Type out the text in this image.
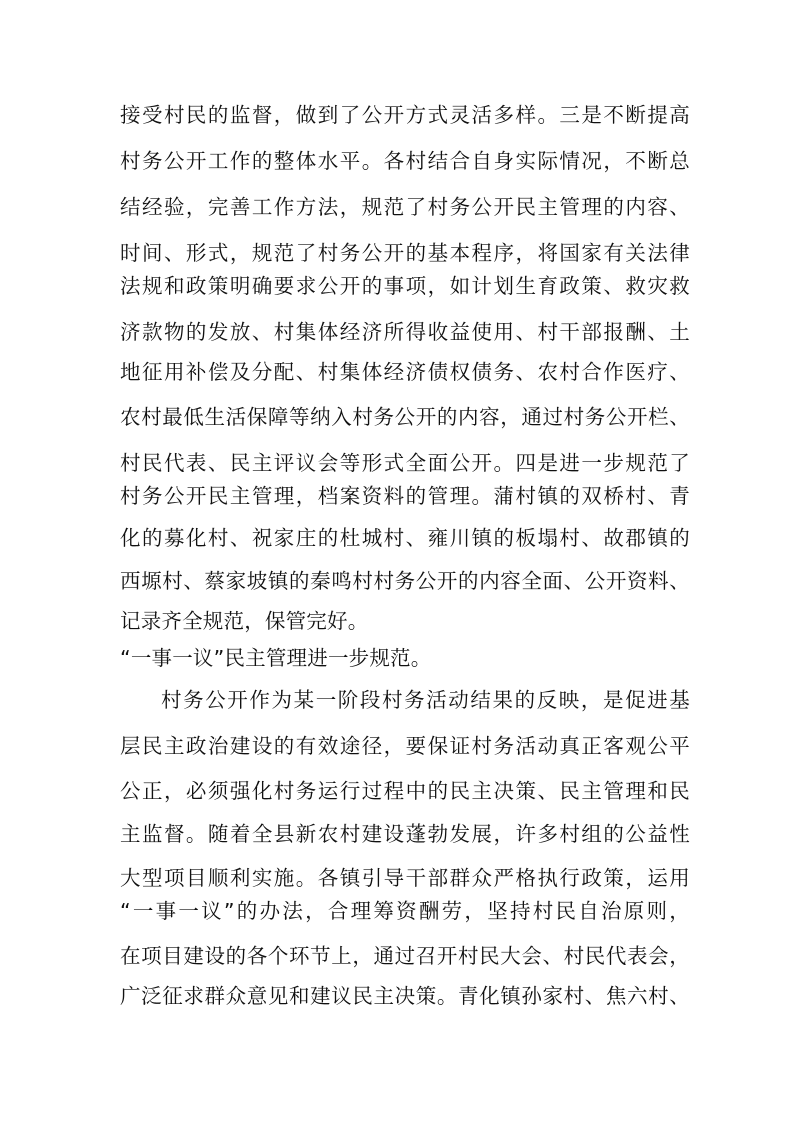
接受村民的监督，做到了公开方式灵活多样。三是不断提高
村务公开工作的整体水平。各村结合自身实际情况，不断总
结经验，完善工作方法，规范了村务公开民主管理的内容、
时间、形式，规范了村务公开的基本程序，将国家有关法律
法规和政策明确要求公开的事项，如计划生育政策、救灾救
济款物的发放、村集体经济所得收益使用、村干部报酬、土
地征用补偿及分配、村集体经济债权债务、农村合作医疗、
农村最低生活保障等纳入村务公开的内容，通过村务公开栏、
村民代表、民主评议会等形式全面公开。四是进一步规范了
村务公开民主管理，档案资料的管理。蒲村镇的双桥村、青
化的募化村、祝家庄的杜城村、雍川镇的板塌村、故郡镇的
西塬村、蔡家坡镇的秦鸣村村务公开的内容全面、公开资料、
记录齐全规范，保管完好。
“一事一议”民主管理进一步规范。
村务公开作为某一阶段村务活动结果的反映，是促进基
层民主政治建设的有效途径，要保证村务活动真正客观公平
公正，必须强化村务运行过程中的民主决策、民主管理和民
主监督。随着全县新农村建设蓬勃发展，许多村组的公益性
大型项目顺利实施。各镇引导干部群众严格执行政策，运用
“一事一议”的办法，合理筹资酬劳，坚持村民自治原则，
在项目建设的各个环节上，通过召开村民大会、村民代表会，
广泛征求群众意见和建议民主决策。青化镇孙家村、焦六村、
